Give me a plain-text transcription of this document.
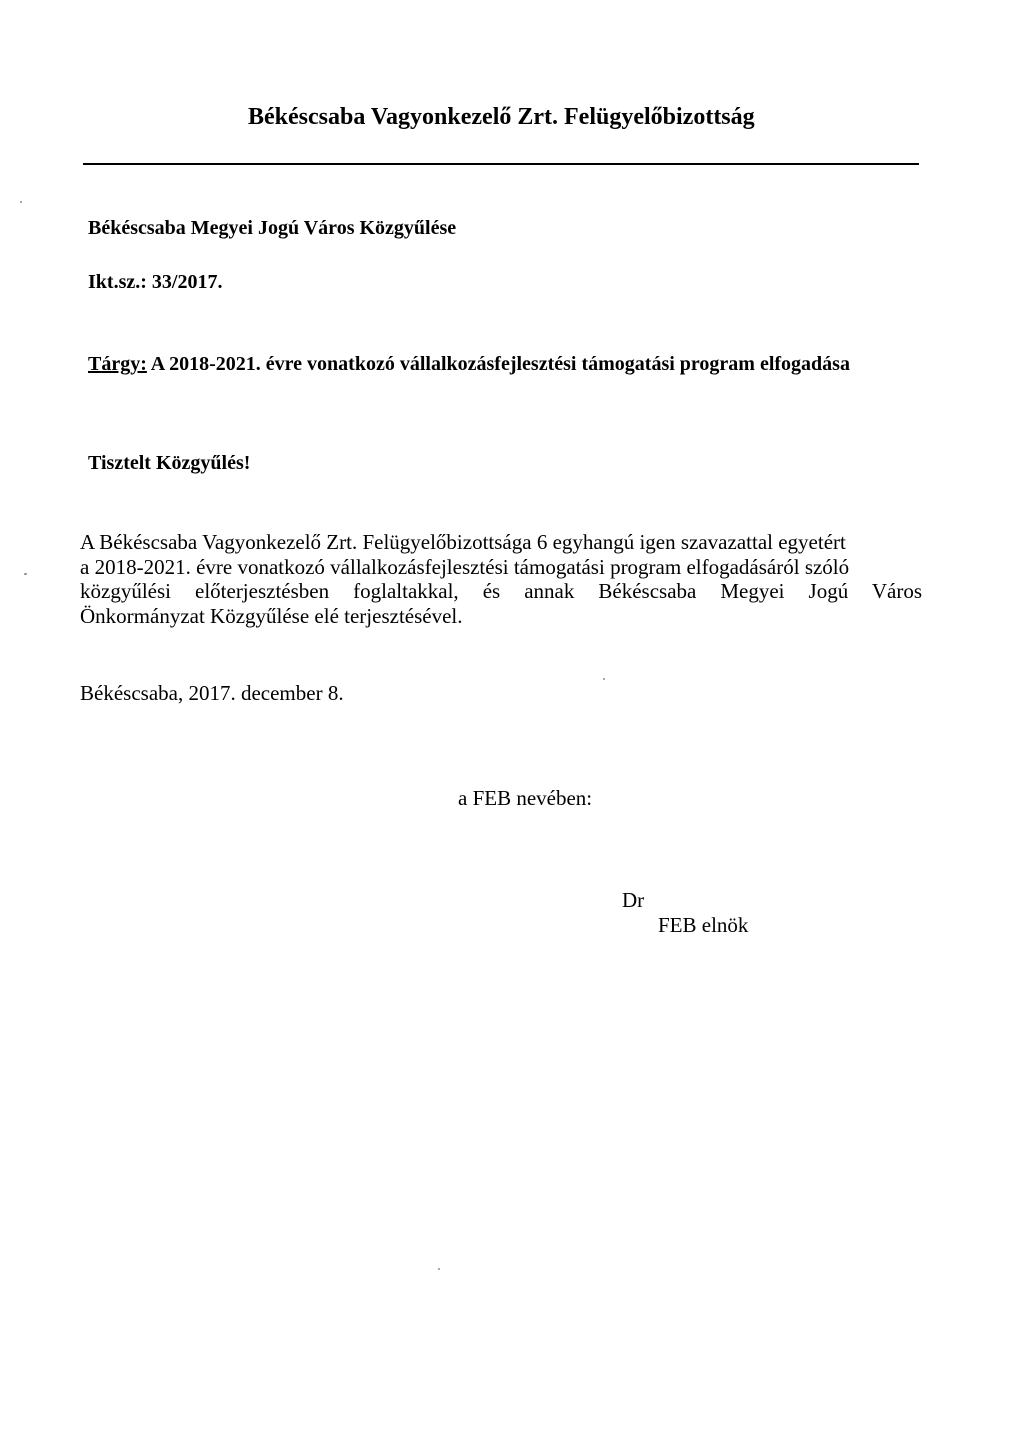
Békéscsaba Vagyonkezelő Zrt. Felügyelőbizottság
Békéscsaba Megyei Jogú Város Közgyűlése
Ikt.sz.: 33/2017.
Tárgy: A 2018-2021. évre vonatkozó vállalkozásfejlesztési támogatási program elfogadása
Tisztelt Közgyűlés!
A Békéscsaba Vagyonkezelő Zrt. Felügyelőbizottsága 6 egyhangú igen szavazattal egyetért
a 2018-2021. évre vonatkozó vállalkozásfejlesztési támogatási program elfogadásáról szóló
közgyűlési előterjesztésben foglaltakkal, és annak Békéscsaba Megyei Jogú Város
Önkormányzat Közgyűlése elé terjesztésével.
Békéscsaba, 2017. december 8.
a FEB nevében:
Dr
FEB elnök
